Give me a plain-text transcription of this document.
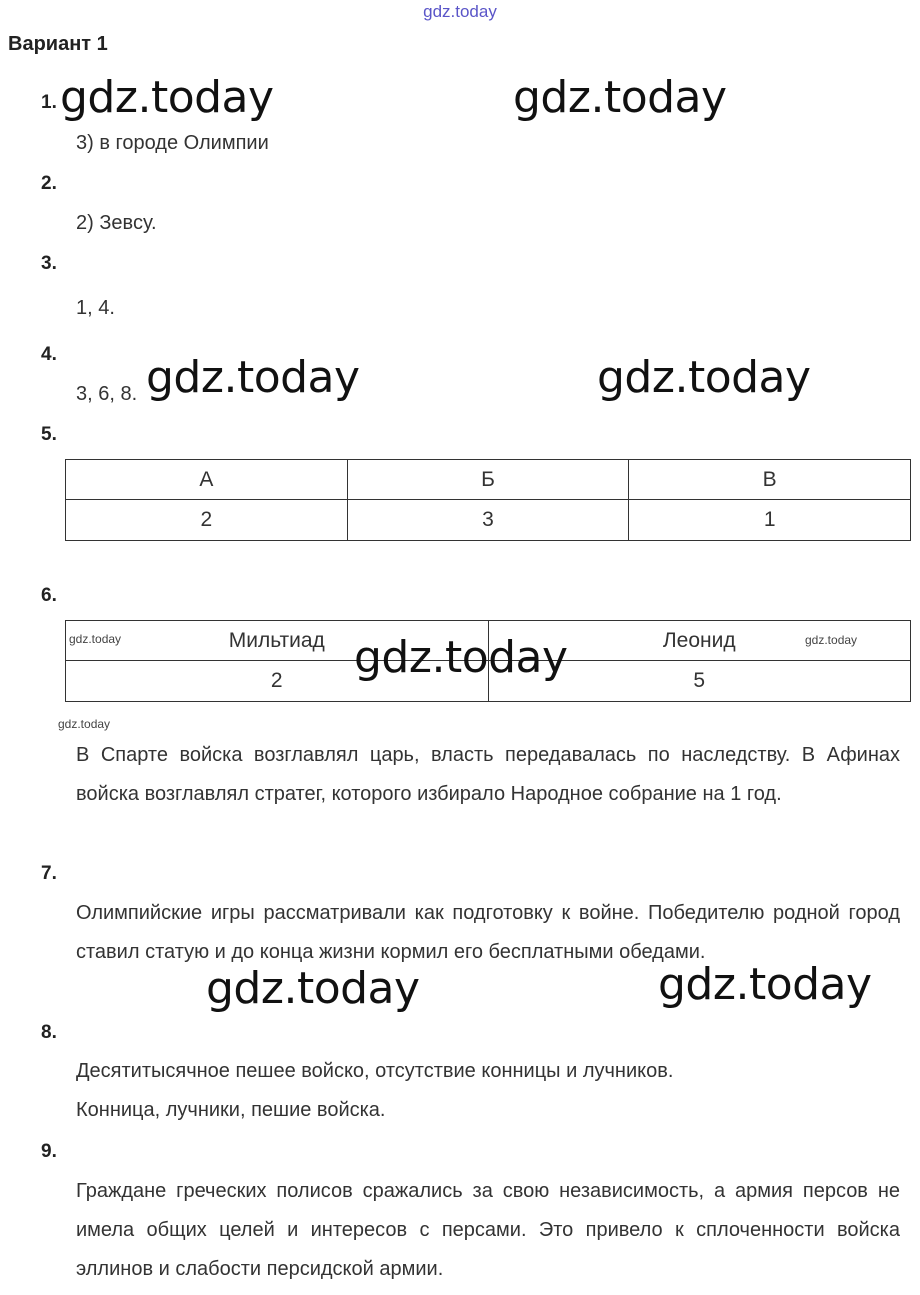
gdz.today
Вариант 1
1. gdz.today	gdz.today
3) в городе Олимпии
2.
2) Зевсу.
3.
1, 4.
4.
3, 6, 8. gdz.today	gdz.today
5.
А	Б	В
2	3	1
6.
Мильтиад	Леонид
2	5
gdz.today	gdz.today
gdz.today
gdz.today
В Спарте войска возглавлял царь, власть передавалась по наследству. В Афинах войска возглавлял стратег, которого избирало Народное собрание на 1 год.
7.
Олимпийские игры рассматривали как подготовку к войне. Победителю родной город ставил статую и до конца жизни кормил его бесплатными обедами.
gdz.today	gdz.today
8.
Десятитысячное пешее войско, отсутствие конницы и лучников.
Конница, лучники, пешие войска.
9.
Граждане греческих полисов сражались за свою независимость, а армия персов не имела общих целей и интересов с персами. Это привело к сплоченности войска эллинов и слабости персидской армии.
